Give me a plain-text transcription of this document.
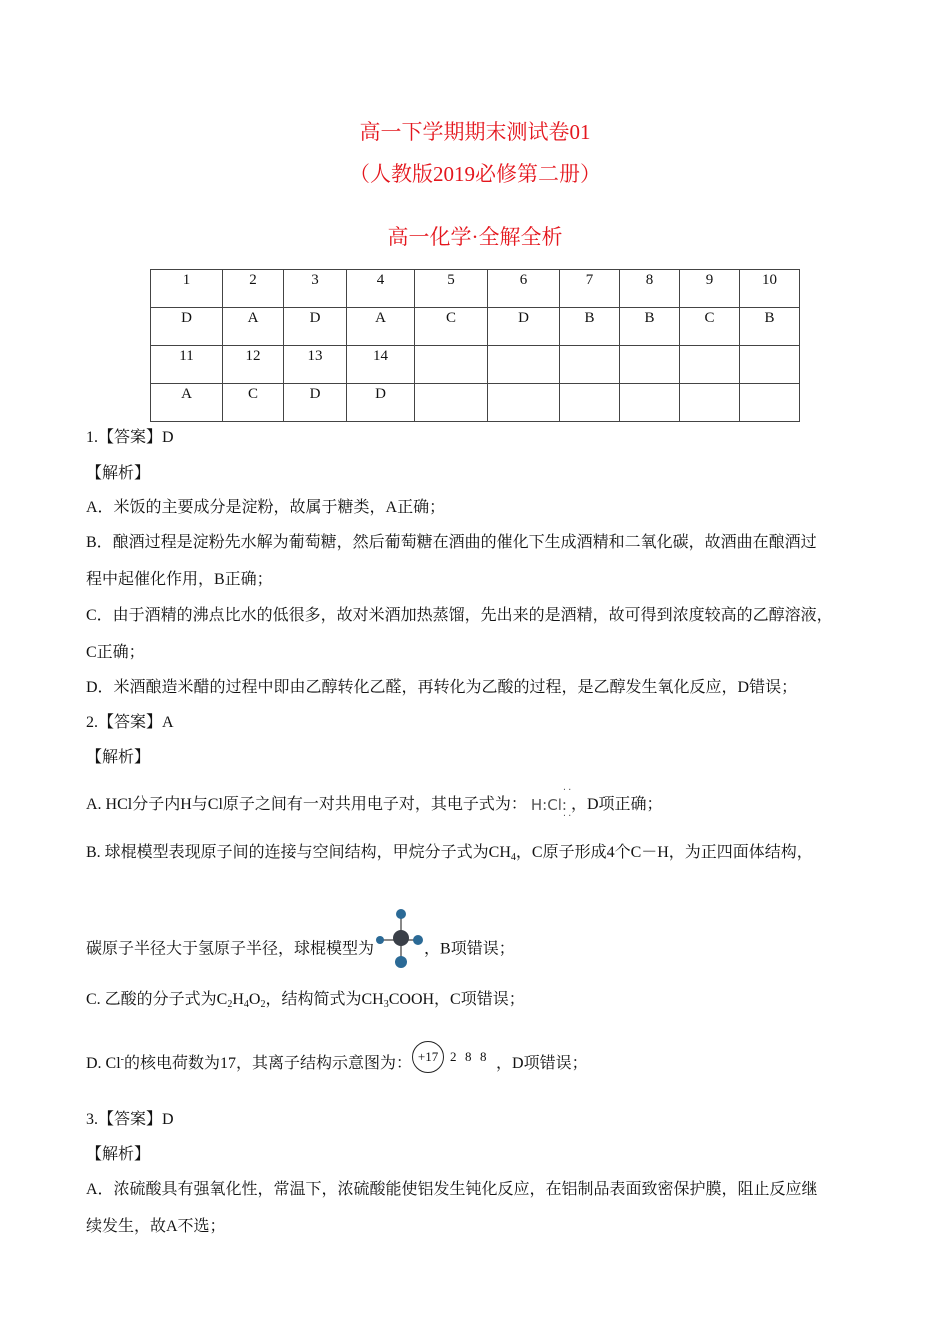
高一下学期期末测试卷01
（人教版2019必修第二册）
高一化学·全解全析
1	2	3	4	5	6	7	8	9	10
D	A	D	A	C	D	B	B	C	B
11	12	13	14						
A	C	D	D						
1.【答案】D
【解析】
A．米饭的主要成分是淀粉，故属于糖类，A正确；
B．酿酒过程是淀粉先水解为葡萄糖，然后葡萄糖在酒曲的催化下生成酒精和二氧化碳，故酒曲在酿酒过
程中起催化作用，B正确；
C．由于酒精的沸点比水的低很多，故对米酒加热蒸馏，先出来的是酒精，故可得到浓度较高的乙醇溶液，
C正确；
D．米酒酿造米醋的过程中即由乙醇转化乙醛，再转化为乙酸的过程，是乙醇发生氧化反应，D错误；
2.【答案】A
【解析】
A. HCl分子内H与Cl原子之间有一对共用电子对，其电子式为： H:Cl:
··
··
，D项正确；
B. 球棍模型表现原子间的连接与空间结构，甲烷分子式为$CH_4$，C原子形成4个C－H，为正四面体结构，
碳原子半径大于氢原子半径，球棍模型为	，B项错误；
C. 乙酸的分子式为$C_2H_4O_2$，结构简式为$CH_3COOH$，C项错误；
D. Cl-的核电荷数为17，其离子结构示意图为： +17 2 8 8 ，D项错误；
3.【答案】D
【解析】
A．浓硫酸具有强氧化性，常温下，浓硫酸能使铝发生钝化反应，在铝制品表面致密保护膜，阻止反应继
续发生，故A不选；
